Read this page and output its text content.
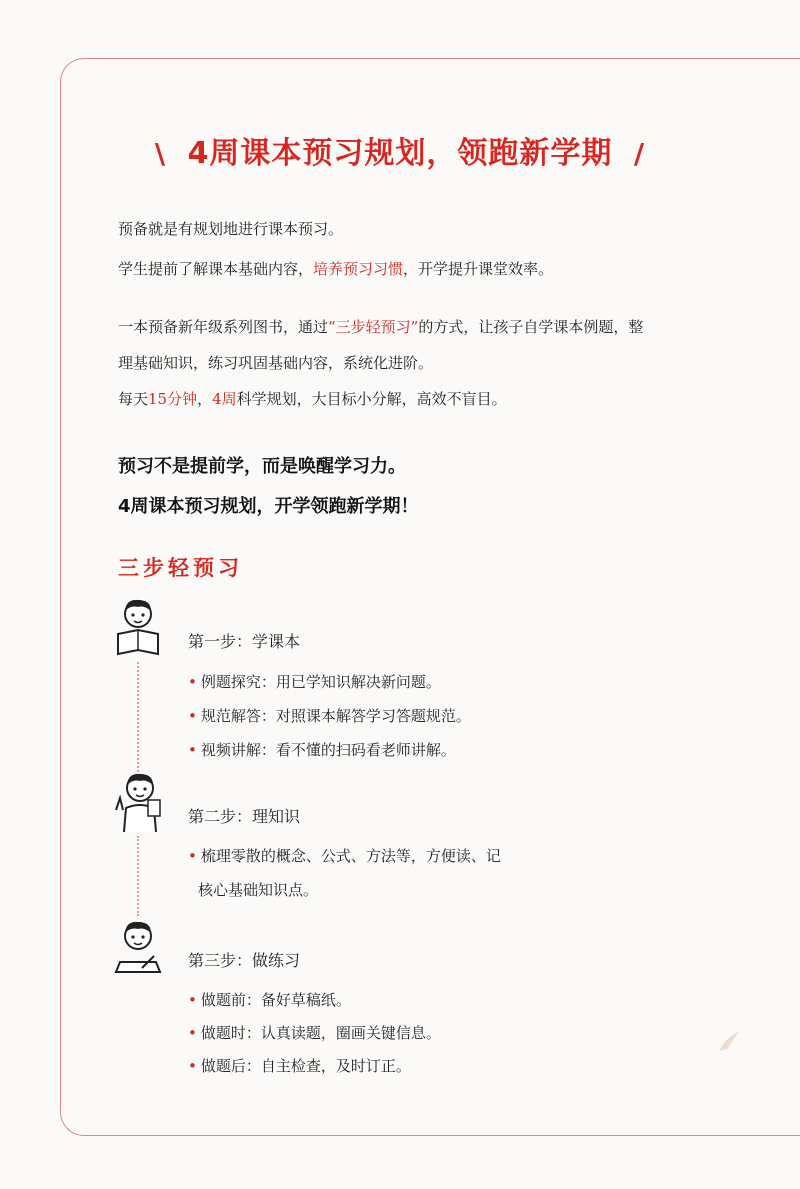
\ 4周课本预习规划，领跑新学期 /
预备就是有规划地进行课本预习。
学生提前了解课本基础内容，培养预习习惯，开学提升课堂效率。
一本预备新年级系列图书，通过“三步轻预习”的方式，让孩子自学课本例题，整
理基础知识，练习巩固基础内容，系统化进阶。
每天15分钟，4周科学规划，大目标小分解，高效不盲目。
预习不是提前学，而是唤醒学习力。
4周课本预习规划，开学领跑新学期！
三步轻预习
第一步：学课本
• 例题探究：用已学知识解决新问题。
• 规范解答：对照课本解答学习答题规范。
• 视频讲解：看不懂的扫码看老师讲解。
第二步：理知识
• 梳理零散的概念、公式、方法等，方便读、记
核心基础知识点。
第三步：做练习
• 做题前：备好草稿纸。
• 做题时：认真读题，圈画关键信息。
• 做题后：自主检查，及时订正。
